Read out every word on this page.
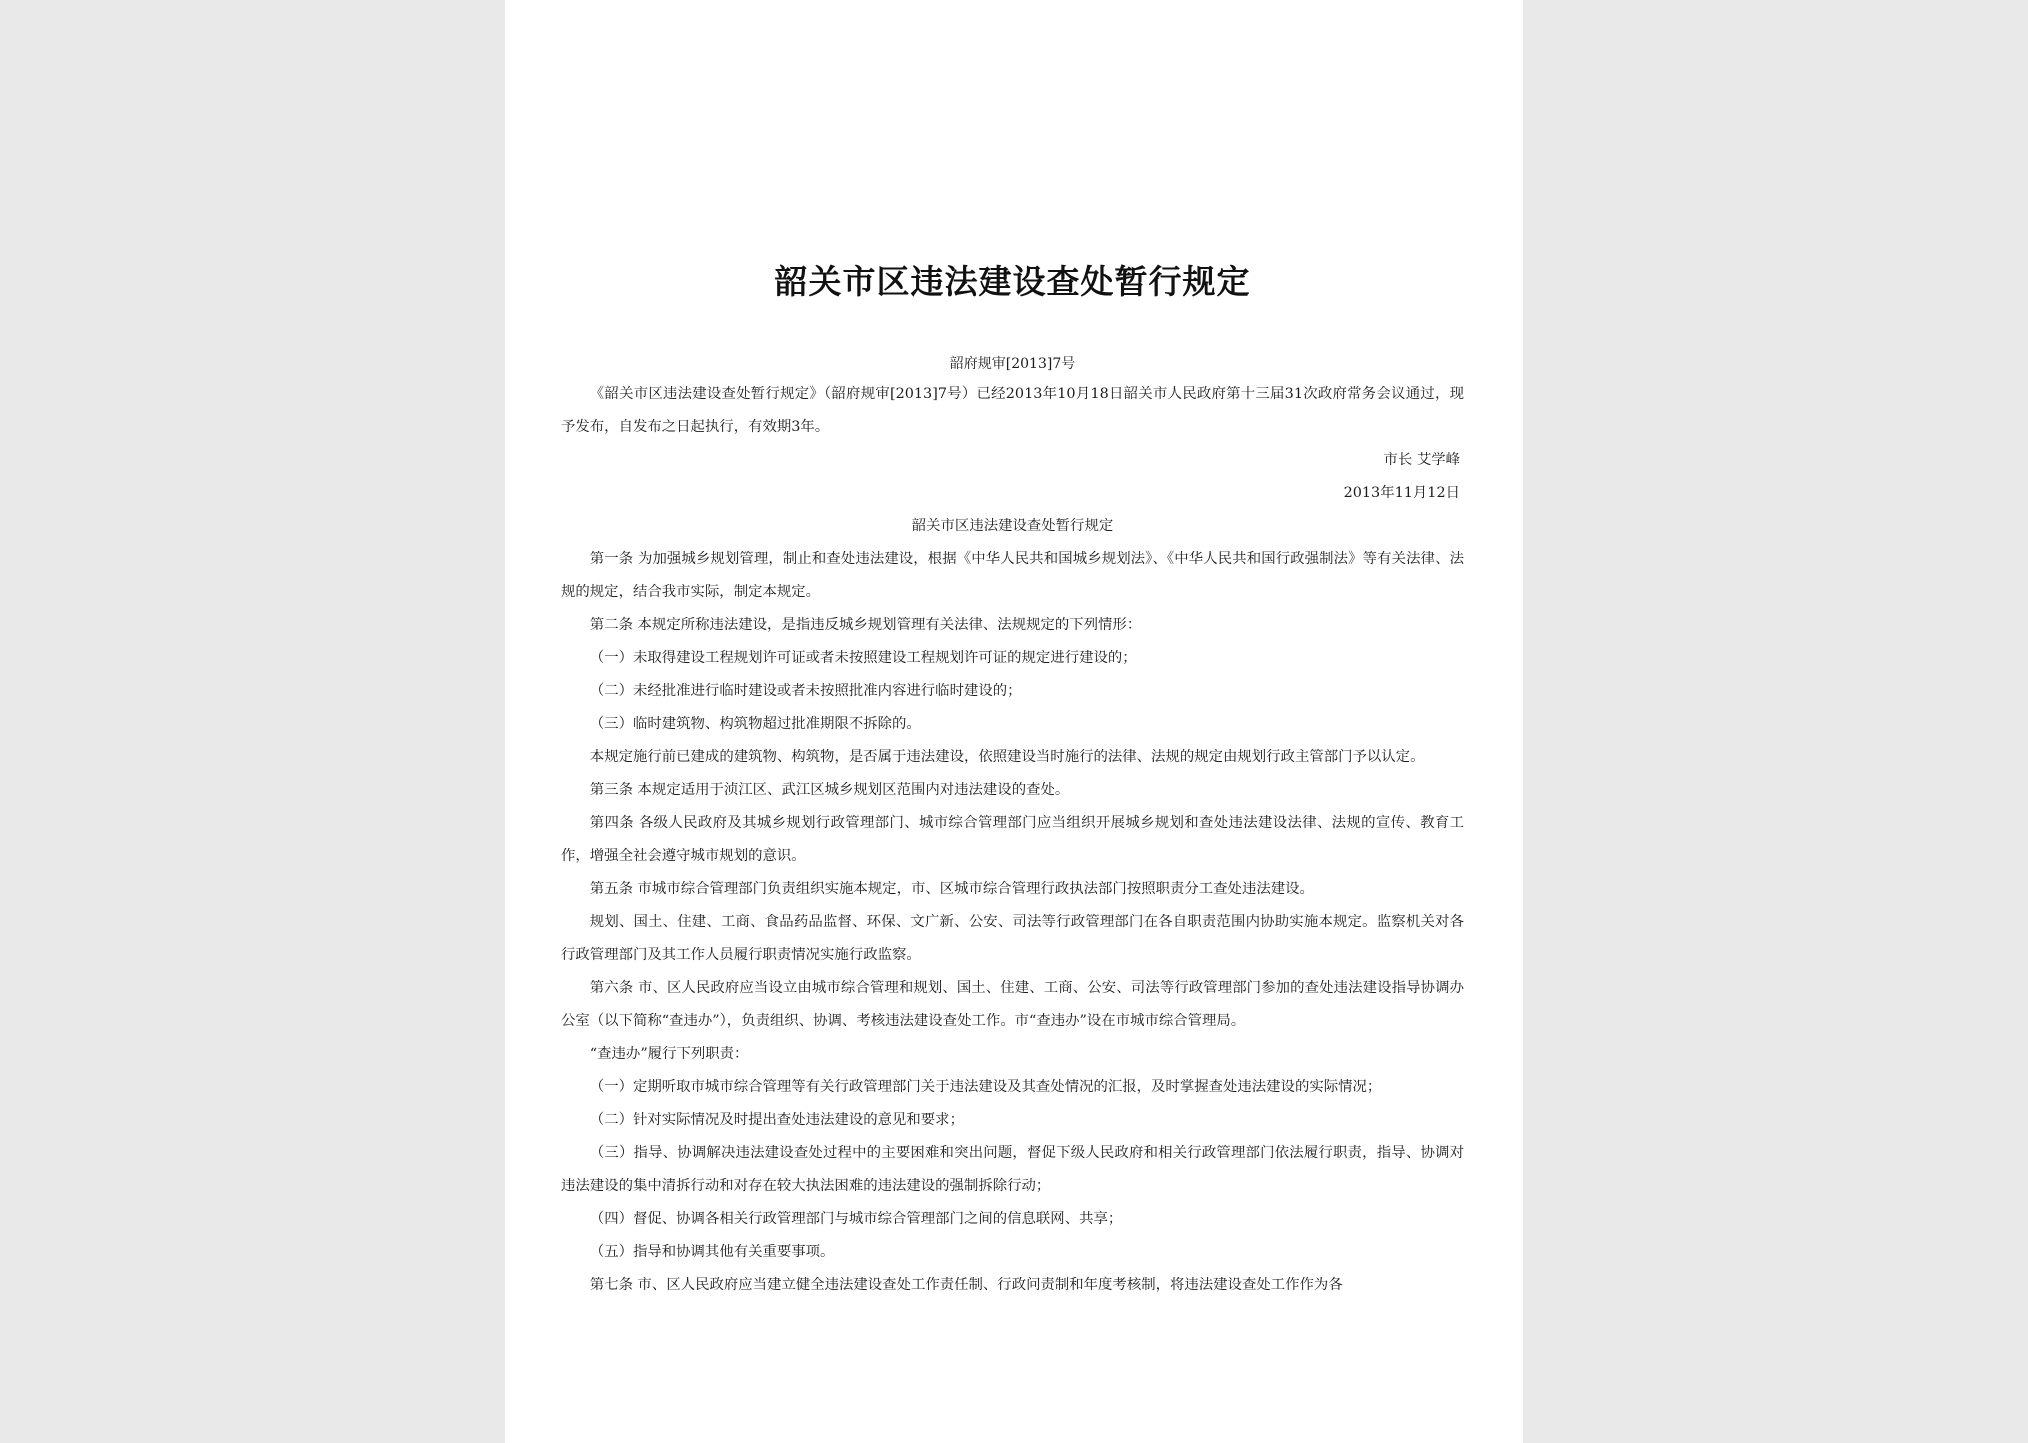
韶关市区违法建设查处暂行规定
韶府规审[2013]7号

《韶关市区违法建设查处暂行规定》（韶府规审[2013]7号）已经2013年10月18日韶关市人民政府第十三届31次政府常务会议通过，现予发布，自发布之日起执行，有效期3年。

市长 艾学峰

2013年11月12日

韶关市区违法建设查处暂行规定

第一条 为加强城乡规划管理，制止和查处违法建设，根据《中华人民共和国城乡规划法》、《中华人民共和国行政强制法》等有关法律、法规的规定，结合我市实际，制定本规定。

第二条 本规定所称违法建设，是指违反城乡规划管理有关法律、法规规定的下列情形：

（一）未取得建设工程规划许可证或者未按照建设工程规划许可证的规定进行建设的；

（二）未经批准进行临时建设或者未按照批准内容进行临时建设的；

（三）临时建筑物、构筑物超过批准期限不拆除的。

本规定施行前已建成的建筑物、构筑物，是否属于违法建设，依照建设当时施行的法律、法规的规定由规划行政主管部门予以认定。

第三条 本规定适用于浈江区、武江区城乡规划区范围内对违法建设的查处。

第四条 各级人民政府及其城乡规划行政管理部门、城市综合管理部门应当组织开展城乡规划和查处违法建设法律、法规的宣传、教育工作，增强全社会遵守城市规划的意识。

第五条 市城市综合管理部门负责组织实施本规定，市、区城市综合管理行政执法部门按照职责分工查处违法建设。

规划、国土、住建、工商、食品药品监督、环保、文广新、公安、司法等行政管理部门在各自职责范围内协助实施本规定。监察机关对各行政管理部门及其工作人员履行职责情况实施行政监察。

第六条 市、区人民政府应当设立由城市综合管理和规划、国土、住建、工商、公安、司法等行政管理部门参加的查处违法建设指导协调办公室（以下简称“查违办”），负责组织、协调、考核违法建设查处工作。市“查违办”设在市城市综合管理局。

“查违办”履行下列职责：

（一）定期听取市城市综合管理等有关行政管理部门关于违法建设及其查处情况的汇报，及时掌握查处违法建设的实际情况；

（二）针对实际情况及时提出查处违法建设的意见和要求；

（三）指导、协调解决违法建设查处过程中的主要困难和突出问题，督促下级人民政府和相关行政管理部门依法履行职责，指导、协调对违法建设的集中清拆行动和对存在较大执法困难的违法建设的强制拆除行动；

（四）督促、协调各相关行政管理部门与城市综合管理部门之间的信息联网、共享；

（五）指导和协调其他有关重要事项。

第七条 市、区人民政府应当建立健全违法建设查处工作责任制、行政问责制和年度考核制，将违法建设查处工作作为各
